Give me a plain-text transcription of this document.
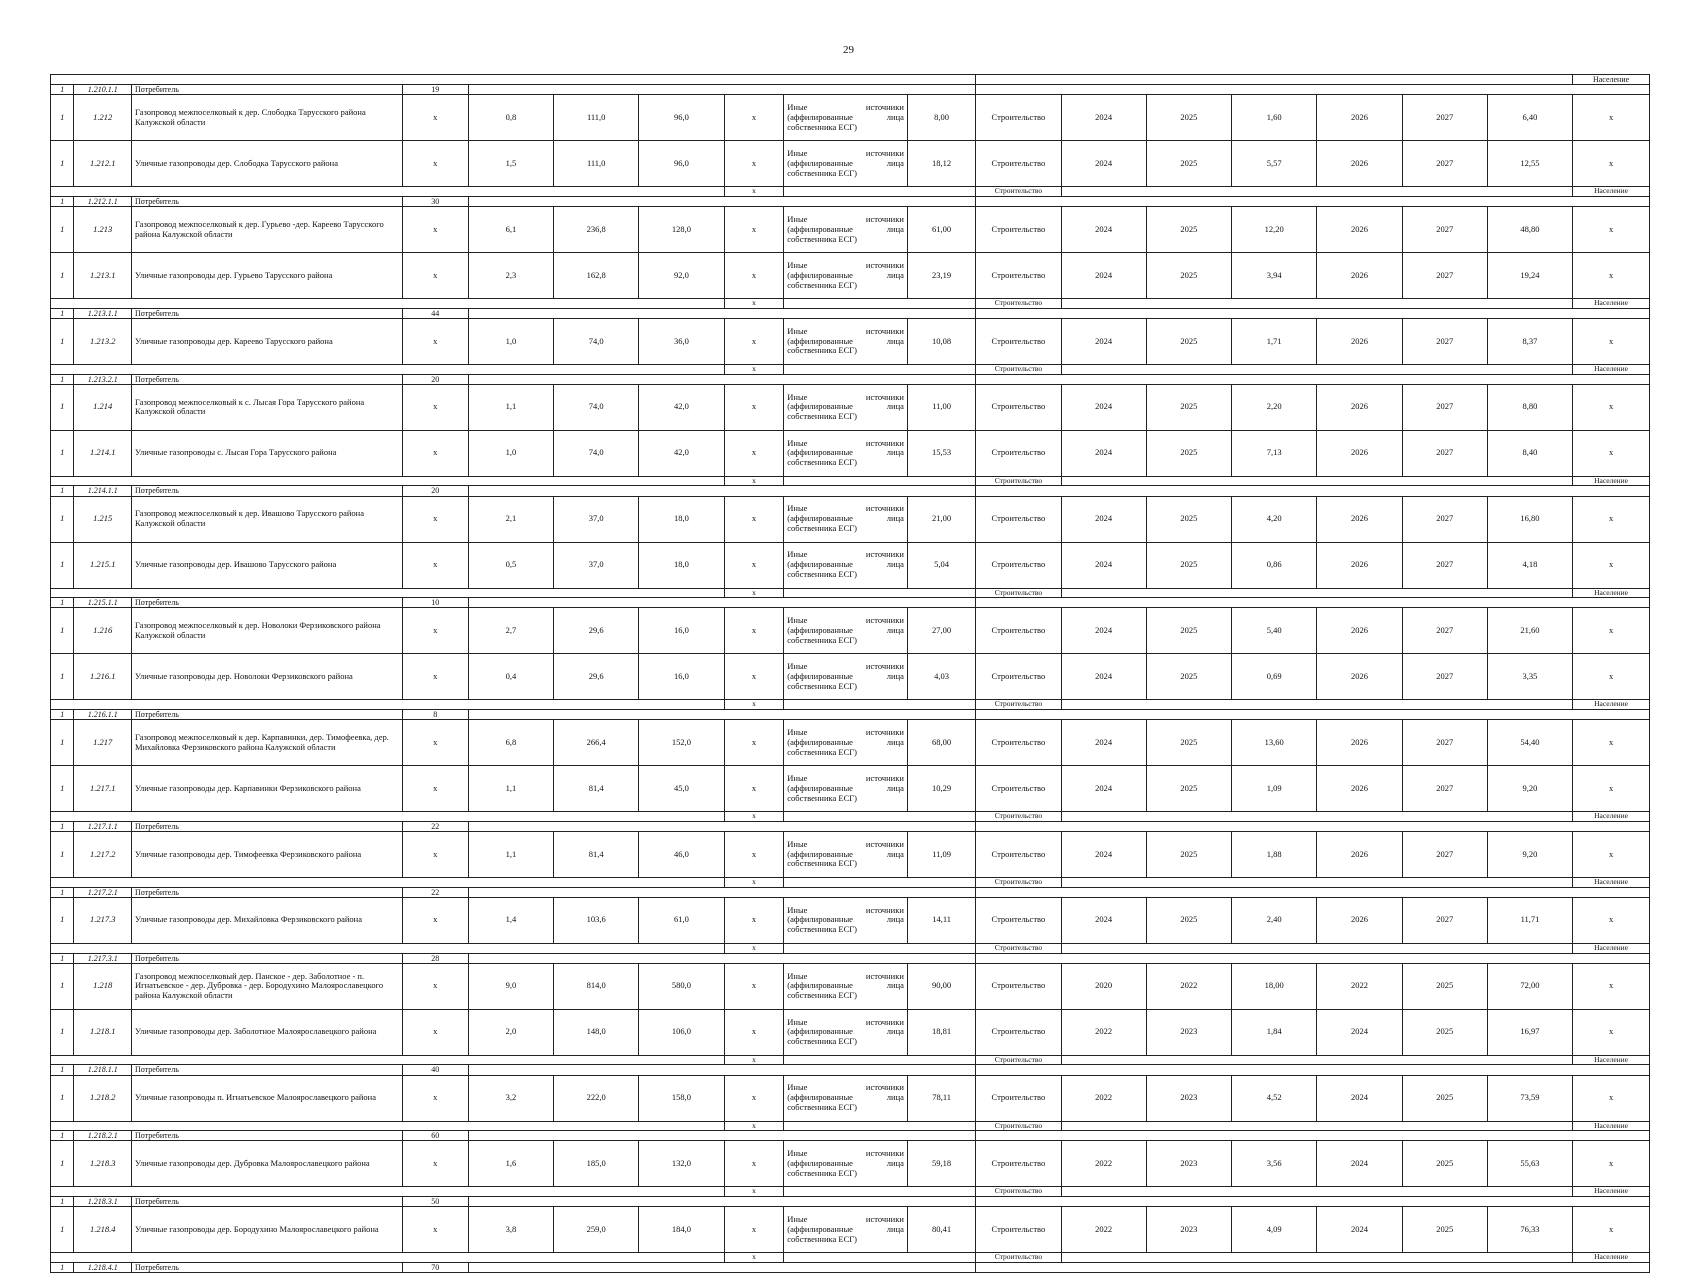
29
																	Население
1	1.210.1.1	Потребитель	19														
1	1.212	Газопровод межпоселковый к дер. Слободка Тарусского района Калужской области	x	0,8	111,0	96,0	x	Иные источники (аффилированные лица собственника ЕСГ)	8,00	Строительство	2024	2025	1,60	2026	2027	6,40	x
1	1.212.1	Уличные газопроводы дер. Слободка Тарусского района	x	1,5	111,0	96,0	x	Иные источники (аффилированные лица собственника ЕСГ)	18,12	Строительство	2024	2025	5,57	2026	2027	12,55	x
							x			Строительство							Население
1	1.212.1.1	Потребитель	30														
1	1.213	Газопровод межпоселковый к дер. Гурьево -дер. Кареево Тарусского района Калужской области	x	6,1	236,8	128,0	x	Иные источники (аффилированные лица собственника ЕСГ)	61,00	Строительство	2024	2025	12,20	2026	2027	48,80	x
1	1.213.1	Уличные газопроводы дер. Гурьево Тарусского района	x	2,3	162,8	92,0	x	Иные источники (аффилированные лица собственника ЕСГ)	23,19	Строительство	2024	2025	3,94	2026	2027	19,24	x
							x			Строительство							Население
1	1.213.1.1	Потребитель	44														
1	1.213.2	Уличные газопроводы дер. Кареево Тарусского района	x	1,0	74,0	36,0	x	Иные источники (аффилированные лица собственника ЕСГ)	10,08	Строительство	2024	2025	1,71	2026	2027	8,37	x
							x			Строительство							Население
1	1.213.2.1	Потребитель	20														
1	1.214	Газопровод межпоселковый к с. Лысая Гора Тарусского района Калужской области	x	1,1	74,0	42,0	x	Иные источники (аффилированные лица собственника ЕСГ)	11,00	Строительство	2024	2025	2,20	2026	2027	8,80	x
1	1.214.1	Уличные газопроводы с. Лысая Гора Тарусского района	x	1,0	74,0	42,0	x	Иные источники (аффилированные лица собственника ЕСГ)	15,53	Строительство	2024	2025	7,13	2026	2027	8,40	x
							x			Строительство							Население
1	1.214.1.1	Потребитель	20														
1	1.215	Газопровод межпоселковый к дер. Ивашово Тарусского района Калужской области	x	2,1	37,0	18,0	x	Иные источники (аффилированные лица собственника ЕСГ)	21,00	Строительство	2024	2025	4,20	2026	2027	16,80	x
1	1.215.1	Уличные газопроводы дер. Ивашово Тарусского района	x	0,5	37,0	18,0	x	Иные источники (аффилированные лица собственника ЕСГ)	5,04	Строительство	2024	2025	0,86	2026	2027	4,18	x
							x			Строительство							Население
1	1.215.1.1	Потребитель	10														
1	1.216	Газопровод межпоселковый к дер. Новолоки Ферзиковского района Калужской области	x	2,7	29,6	16,0	x	Иные источники (аффилированные лица собственника ЕСГ)	27,00	Строительство	2024	2025	5,40	2026	2027	21,60	x
1	1.216.1	Уличные газопроводы дер. Новолоки Ферзиковского района	x	0,4	29,6	16,0	x	Иные источники (аффилированные лица собственника ЕСГ)	4,03	Строительство	2024	2025	0,69	2026	2027	3,35	x
							x			Строительство							Население
1	1.216.1.1	Потребитель	8														
1	1.217	Газопровод межпоселковый к дер. Карпавинки, дер. Тимофеевка, дер. Михайловка Ферзиковского района Калужской области	x	6,8	266,4	152,0	x	Иные источники (аффилированные лица собственника ЕСГ)	68,00	Строительство	2024	2025	13,60	2026	2027	54,40	x
1	1.217.1	Уличные газопроводы дер. Карпавинки Ферзиковского района	x	1,1	81,4	45,0	x	Иные источники (аффилированные лица собственника ЕСГ)	10,29	Строительство	2024	2025	1,09	2026	2027	9,20	x
							x			Строительство							Население
1	1.217.1.1	Потребитель	22														
1	1.217.2	Уличные газопроводы дер. Тимофеевка Ферзиковского района	x	1,1	81,4	46,0	x	Иные источники (аффилированные лица собственника ЕСГ)	11,09	Строительство	2024	2025	1,88	2026	2027	9,20	x
							x			Строительство							Население
1	1.217.2.1	Потребитель	22														
1	1.217.3	Уличные газопроводы дер. Михайловка Ферзиковского района	x	1,4	103,6	61,0	x	Иные источники (аффилированные лица собственника ЕСГ)	14,11	Строительство	2024	2025	2,40	2026	2027	11,71	x
							x			Строительство							Население
1	1.217.3.1	Потребитель	28														
1	1.218	Газопровод межпоселковый дер. Панское - дер. Заболотное - п. Игнатьевское - дер. Дубровка - дер. Бородухино Малоярославецкого района Калужской области	x	9,0	814,0	580,0	x	Иные источники (аффилированные лица собственника ЕСГ)	90,00	Строительство	2020	2022	18,00	2022	2025	72,00	x
1	1.218.1	Уличные газопроводы дер. Заболотное Малоярославецкого района	x	2,0	148,0	106,0	x	Иные источники (аффилированные лица собственника ЕСГ)	18,81	Строительство	2022	2023	1,84	2024	2025	16,97	x
							x			Строительство							Население
1	1.218.1.1	Потребитель	40														
1	1.218.2	Уличные газопроводы п. Игнатьевское Малоярославецкого района	x	3,2	222,0	158,0	x	Иные источники (аффилированные лица собственника ЕСГ)	78,11	Строительство	2022	2023	4,52	2024	2025	73,59	x
							x			Строительство							Население
1	1.218.2.1	Потребитель	60														
1	1.218.3	Уличные газопроводы дер. Дубровка Малоярославецкого района	x	1,6	185,0	132,0	x	Иные источники (аффилированные лица собственника ЕСГ)	59,18	Строительство	2022	2023	3,56	2024	2025	55,63	x
							x			Строительство							Население
1	1.218.3.1	Потребитель	50														
1	1.218.4	Уличные газопроводы дер. Бородухино Малоярославецкого района	x	3,8	259,0	184,0	x	Иные источники (аффилированные лица собственника ЕСГ)	80,41	Строительство	2022	2023	4,09	2024	2025	76,33	x
							x			Строительство							Население
1	1.218.4.1	Потребитель	70														
